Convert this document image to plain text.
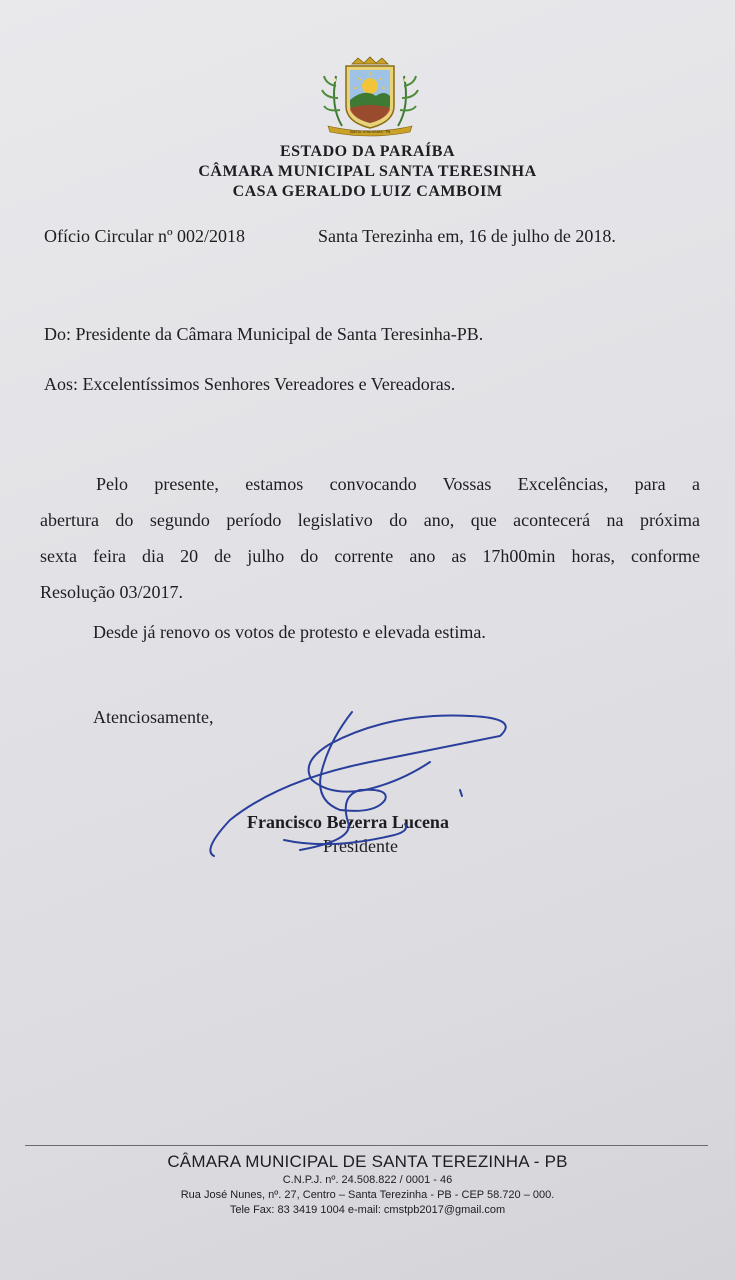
SANTA TERESINHA - PB
ESTADO DA PARAÍBA
CÂMARA MUNICIPAL SANTA TERESINHA
CASA GERALDO LUIZ CAMBOIM
Ofício Circular nº 002/2018	Santa Terezinha em, 16 de julho de 2018.
Do: Presidente da Câmara Municipal de Santa Teresinha-PB.
Aos: Excelentíssimos Senhores Vereadores e Vereadoras.
Pelo presente, estamos convocando Vossas Excelências, para a
abertura do segundo período legislativo do ano, que acontecerá na próxima
sexta feira dia 20 de julho do corrente ano as 17h00min horas, conforme
Resolução 03/2017.
Desde já renovo os votos de protesto e elevada estima.
Atenciosamente,
Francisco Bezerra Lucena
Presidente
CÂMARA MUNICIPAL DE SANTA TEREZINHA - PB
C.N.P.J. nº. 24.508.822 / 0001 - 46
Rua José Nunes, nº. 27, Centro – Santa Terezinha - PB - CEP 58.720 – 000.
Tele Fax: 83 3419 1004 e-mail: cmstpb2017@gmail.com
